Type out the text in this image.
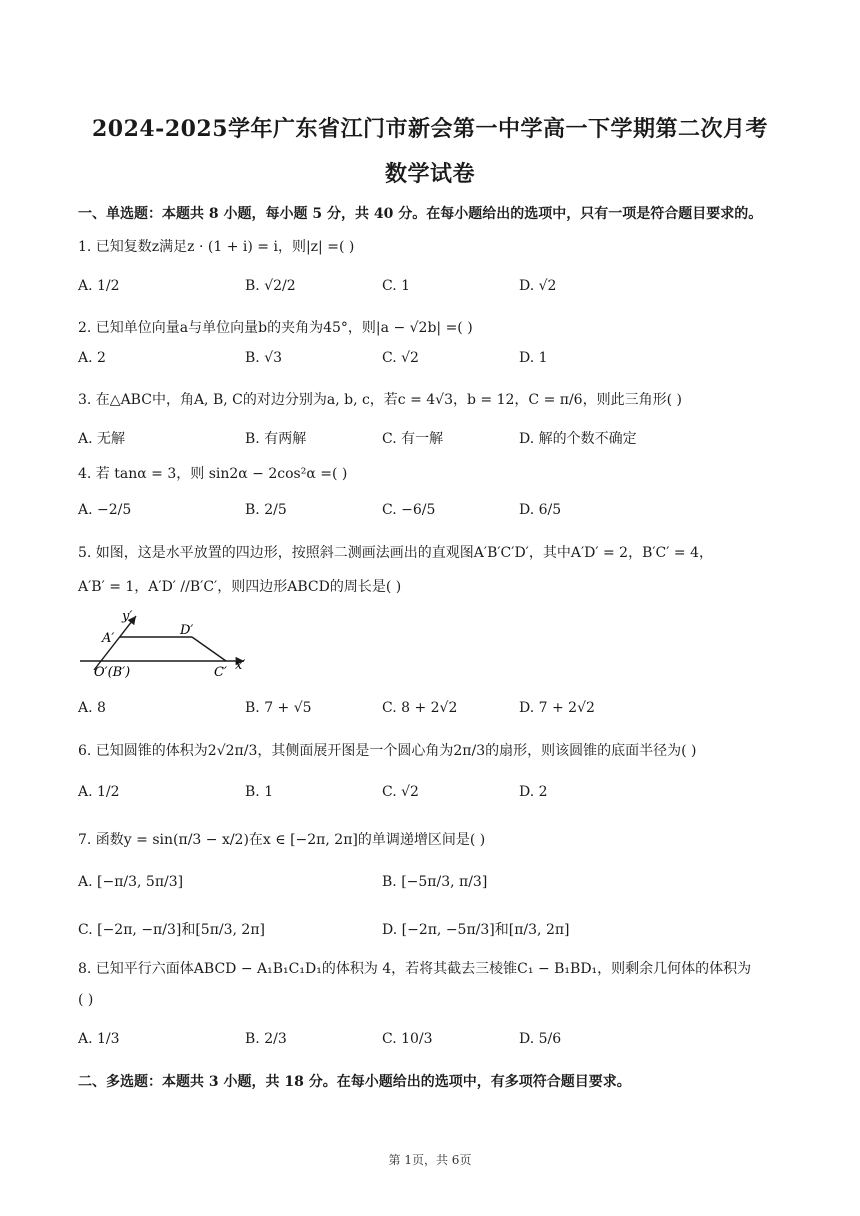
2024-2025学年广东省江门市新会第一中学高一下学期第二次月考
数学试卷
一、单选题：本题共 8 小题，每小题 5 分，共 40 分。在每小题给出的选项中，只有一项是符合题目要求的。
1. 已知复数z满足z · (1 + i) = i，则|z| =( )
A. 1/2	B. √2/2	C. 1	D. √2
2. 已知单位向量a与单位向量b的夹角为45°，则|a − √2b| =( )
A. 2	B. √3	C. √2	D. 1
3. 在△ABC中，角A, B, C的对边分别为a, b, c，若c = 4√3，b = 12，C = π/6，则此三角形( )
A. 无解	B. 有两解	C. 有一解	D. 解的个数不确定
4. 若 tanα = 3，则 sin2α − 2cos²α =( )
A. −2/5	B. 2/5	C. −6/5	D. 6/5
5. 如图，这是水平放置的四边形，按照斜二测画法画出的直观图A′B′C′D′，其中A′D′ = 2，B′C′ = 4，
A′B′ = 1，A′D′ //B′C′，则四边形ABCD的周长是( )
y′
x′
A′
D′
O′(B′)	C′
A. 8	B. 7 + √5	C. 8 + 2√2	D. 7 + 2√2
6. 已知圆锥的体积为2√2π/3，其侧面展开图是一个圆心角为2π/3的扇形，则该圆锥的底面半径为( )
A. 1/2	B. 1	C. √2	D. 2
7. 函数y = sin(π/3 − x/2)在x ∈ [−2π, 2π]的单调递增区间是( )
A. [−π/3, 5π/3]	B. [−5π/3, π/3]
C. [−2π, −π/3]和[5π/3, 2π]	D. [−2π, −5π/3]和[π/3, 2π]
8. 已知平行六面体ABCD − A₁B₁C₁D₁的体积为 4，若将其截去三棱锥C₁ − B₁BD₁，则剩余几何体的体积为
( )
A. 1/3	B. 2/3	C. 10/3	D. 5/6
二、多选题：本题共 3 小题，共 18 分。在每小题给出的选项中，有多项符合题目要求。
第 1页，共 6页
